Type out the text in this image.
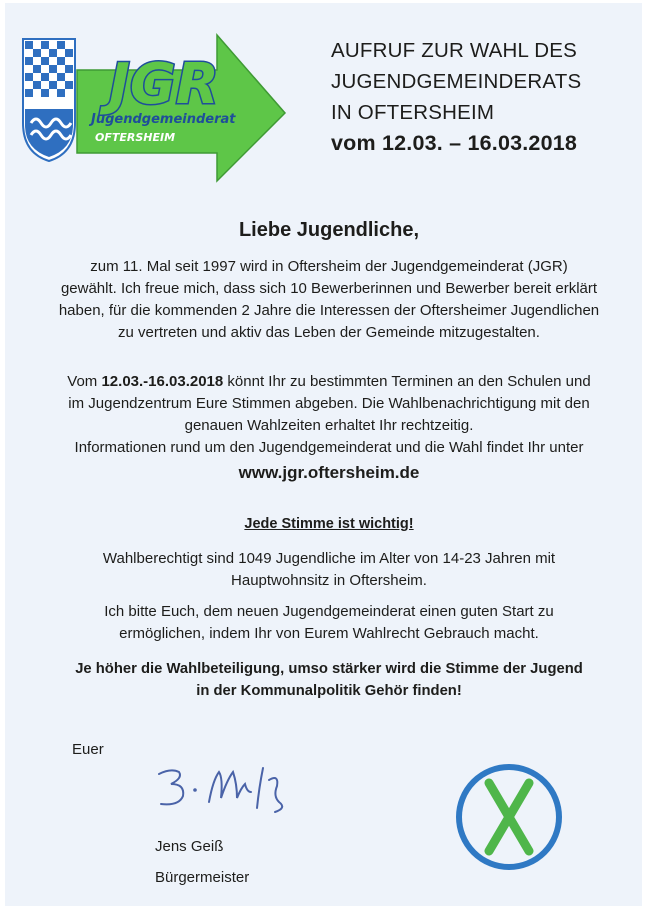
JGR
Jugendgemeinderat
OFTERSHEIM
AUFRUF ZUR WAHL DES
JUGENDGEMEINDERATS
IN OFTERSHEIM
vom 12.03. – 16.03.2018
Liebe Jugendliche,
zum 11. Mal seit 1997 wird in Oftersheim der Jugendgemeinderat (JGR)
gewählt. Ich freue mich, dass sich 10 Bewerberinnen und Bewerber bereit erklärt
haben, für die kommenden 2 Jahre die Interessen der Oftersheimer Jugendlichen
zu vertreten und aktiv das Leben der Gemeinde mitzugestalten.
Vom 12.03.-16.03.2018 könnt Ihr zu bestimmten Terminen an den Schulen und
im Jugendzentrum Eure Stimmen abgeben. Die Wahlbenachrichtigung mit den
genauen Wahlzeiten erhaltet Ihr rechtzeitig.
Informationen rund um den Jugendgemeinderat und die Wahl findet Ihr unter
www.jgr.oftersheim.de
Jede Stimme ist wichtig!
Wahlberechtigt sind 1049 Jugendliche im Alter von 14-23 Jahren mit
Hauptwohnsitz in Oftersheim.
Ich bitte Euch, dem neuen Jugendgemeinderat einen guten Start zu
ermöglichen, indem Ihr von Eurem Wahlrecht Gebrauch macht.
Je höher die Wahlbeteiligung, umso stärker wird die Stimme der Jugend
in der Kommunalpolitik Gehör finden!
Euer
Jens Geiß
Bürgermeister
